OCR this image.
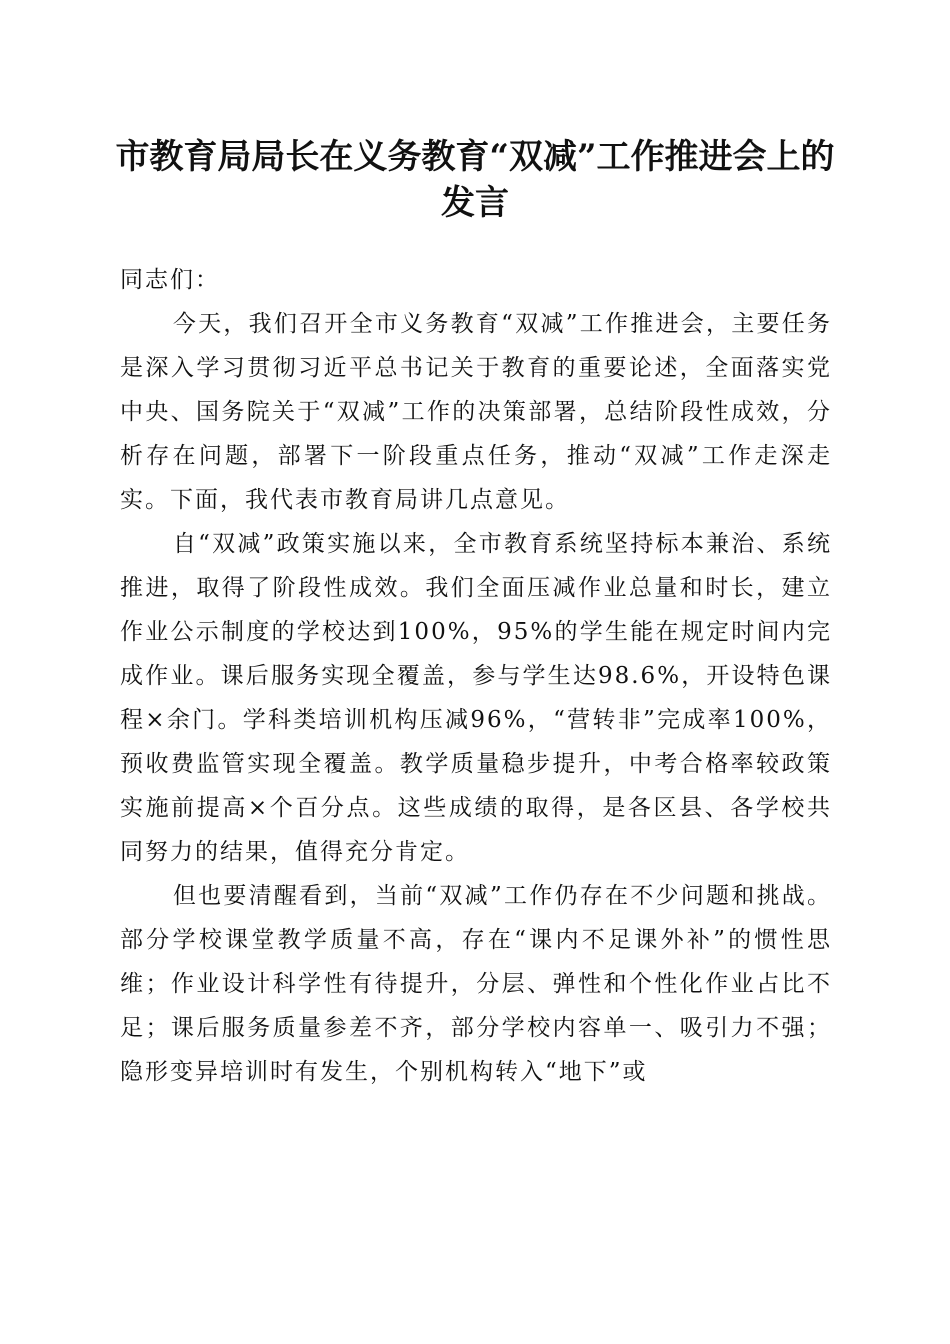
市教育局局长在义务教育“双减”工作推进会上的发言

同志们：

今天，我们召开全市义务教育“双减”工作推进会，主要任务是深入学习贯彻习近平总书记关于教育的重要论述，全面落实党中央、国务院关于“双减”工作的决策部署，总结阶段性成效，分析存在问题，部署下一阶段重点任务，推动“双减”工作走深走实。下面，我代表市教育局讲几点意见。

自“双减”政策实施以来，全市教育系统坚持标本兼治、系统推进，取得了阶段性成效。我们全面压减作业总量和时长，建立作业公示制度的学校达到100%，95%的学生能在规定时间内完成作业。课后服务实现全覆盖，参与学生达98.6%，开设特色课程×余门。学科类培训机构压减96%，“营转非”完成率100%，预收费监管实现全覆盖。教学质量稳步提升，中考合格率较政策实施前提高×个百分点。这些成绩的取得，是各区县、各学校共同努力的结果，值得充分肯定。

但也要清醒看到，当前“双减”工作仍存在不少问题和挑战。部分学校课堂教学质量不高，存在“课内不足课外补”的惯性思维；作业设计科学性有待提升，分层、弹性和个性化作业占比不足；课后服务质量参差不齐，部分学校内容单一、吸引力不强；隐形变异培训时有发生，个别机构转入“地下”或
